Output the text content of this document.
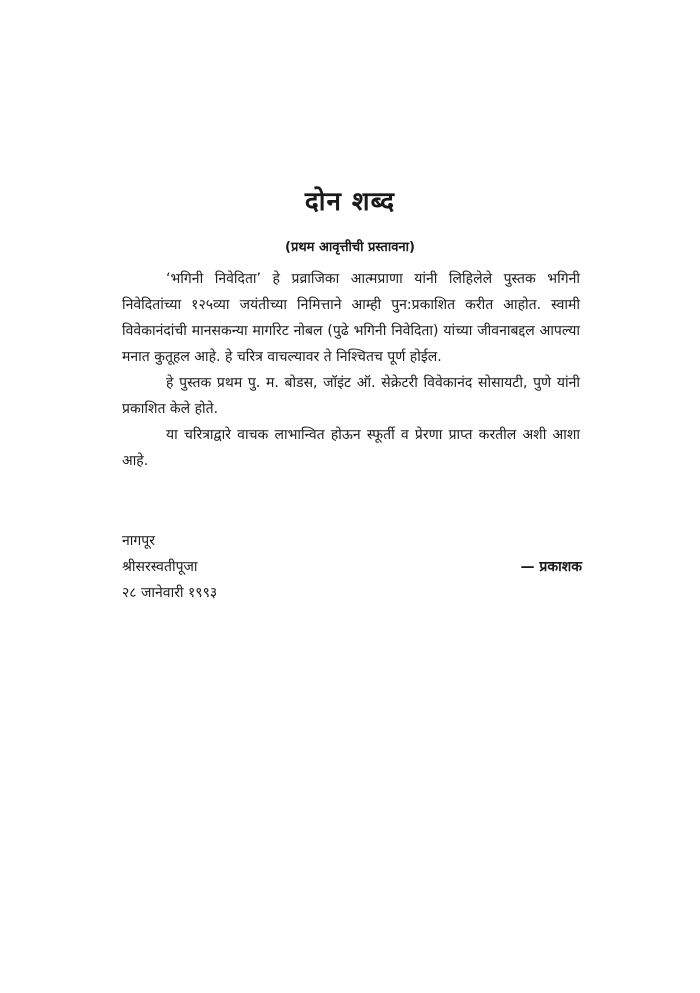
दोन शब्द
(प्रथम आवृत्तीची प्रस्तावना)

‘भगिनी निवेदिता’ हे प्रव्राजिका आत्मप्राणा यांनी लिहिलेले पुस्तक भगिनी निवेदितांच्या १२५व्या जयंतीच्या निमित्ताने आम्ही पुन:प्रकाशित करीत आहोत. स्वामी विवेकानंदांची मानसकन्या मार्गारेट नोबल (पुढे भगिनी निवेदिता) यांच्या जीवनाबद्दल आपल्या मनात कुतूहल आहे. हे चरित्र वाचल्यावर ते निश्चितच पूर्ण होईल.

हे पुस्तक प्रथम पु. म. बोडस, जॉइंट ऑ. सेक्रेटरी विवेकानंद सोसायटी, पुणे यांनी प्रकाशित केले होते.

या चरित्राद्वारे वाचक लाभान्वित होऊन स्फूर्ती व प्रेरणा प्राप्त करतील अशी आशा आहे.

नागपूर
श्रीसरस्वतीपूजा	— प्रकाशक
२८ जानेवारी १९९३
